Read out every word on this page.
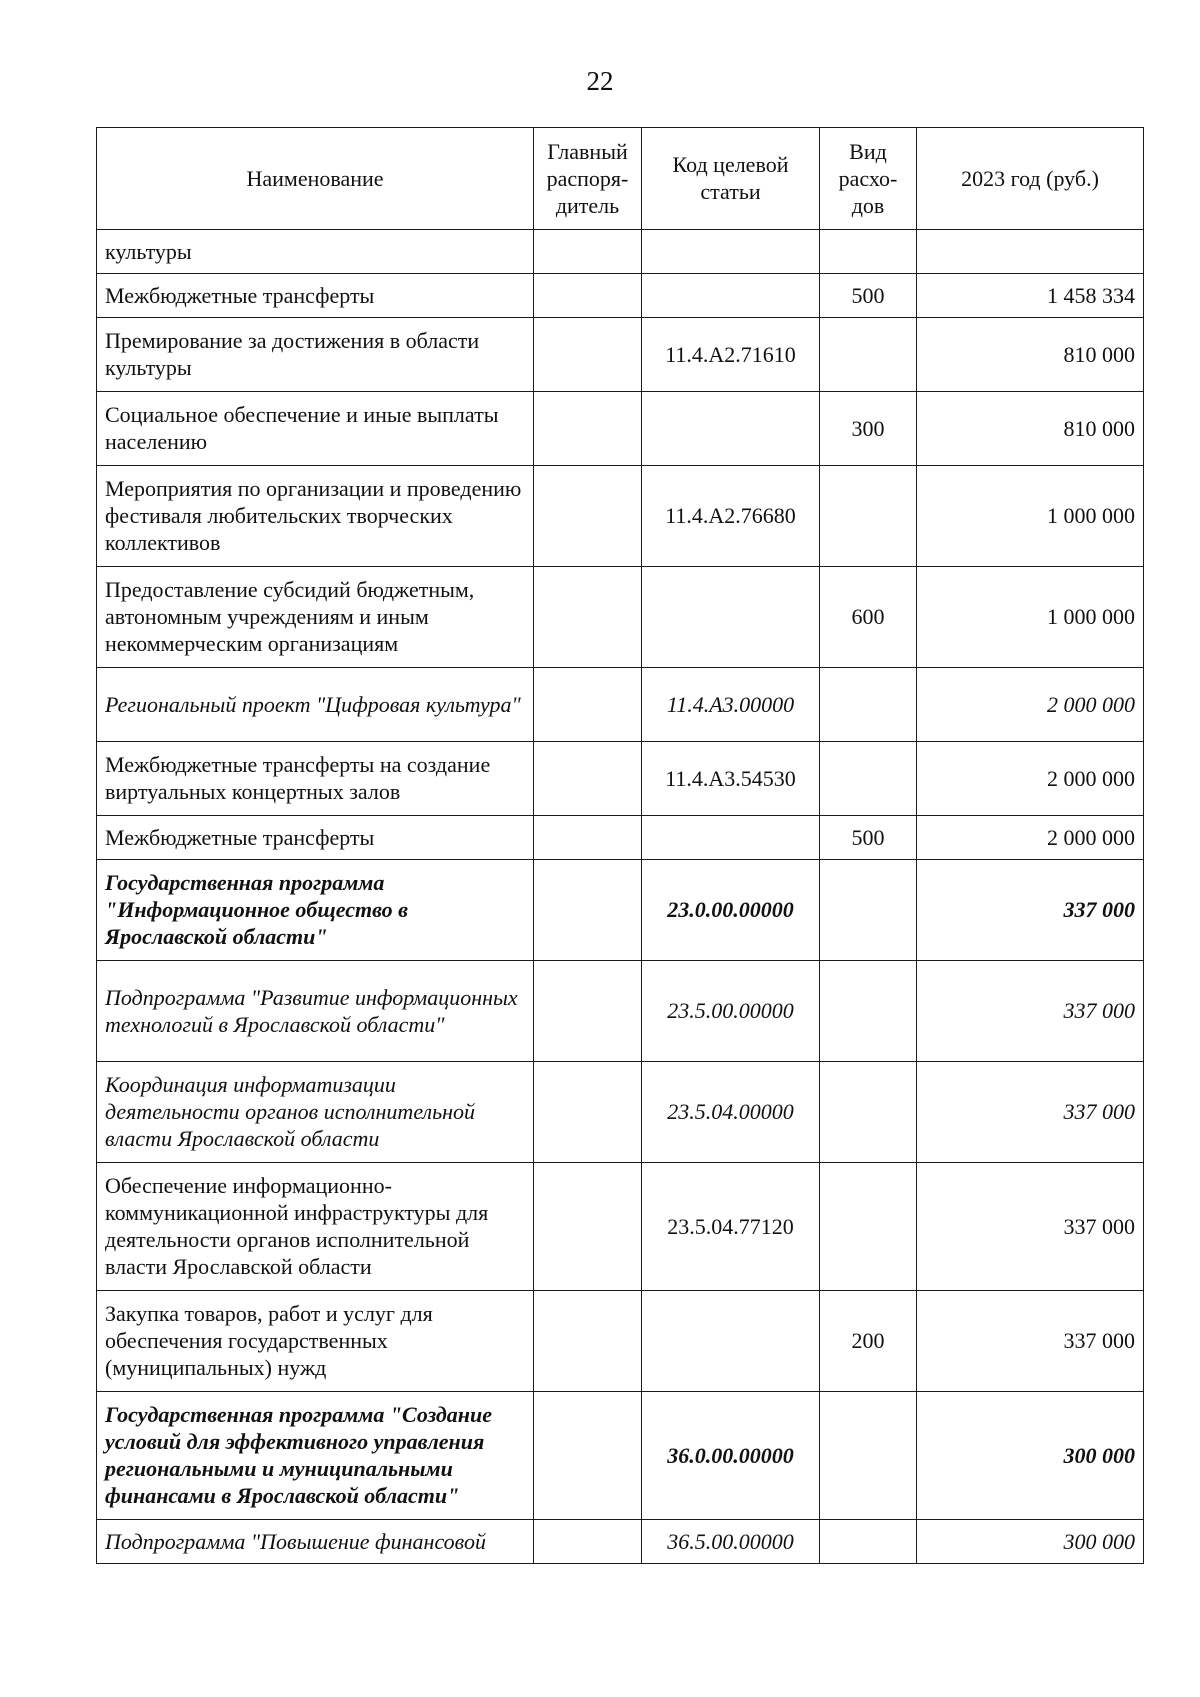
22
Наименование	Главный распоря-дитель	Код целевой статьи	Вид расхо-дов	2023 год (руб.)
культуры				
Межбюджетные трансферты			500	1 458 334
Премирование за достижения в области культуры		11.4.А2.71610		810 000
Социальное обеспечение и иные выплаты населению			300	810 000
Мероприятия по организации и проведению фестиваля любительских творческих коллективов		11.4.А2.76680		1 000 000
Предоставление субсидий бюджетным, автономным учреждениям и иным некоммерческим организациям			600	1 000 000
Региональный проект "Цифровая культура"		11.4.А3.00000		2 000 000
Межбюджетные трансферты на создание виртуальных концертных залов		11.4.А3.54530		2 000 000
Межбюджетные трансферты			500	2 000 000
Государственная программа "Информационное общество в Ярославской области"		23.0.00.00000		337 000
Подпрограмма "Развитие информационных технологий в Ярославской области"		23.5.00.00000		337 000
Координация информатизации деятельности органов исполнительной власти Ярославской области		23.5.04.00000		337 000
Обеспечение информационно-коммуникационной инфраструктуры для деятельности органов исполнительной власти Ярославской области		23.5.04.77120		337 000
Закупка товаров, работ и услуг для обеспечения государственных (муниципальных) нужд			200	337 000
Государственная программа "Создание условий для эффективного управления региональными и муниципальными финансами в Ярославской области"		36.0.00.00000		300 000
Подпрограмма "Повышение финансовой		36.5.00.00000		300 000
